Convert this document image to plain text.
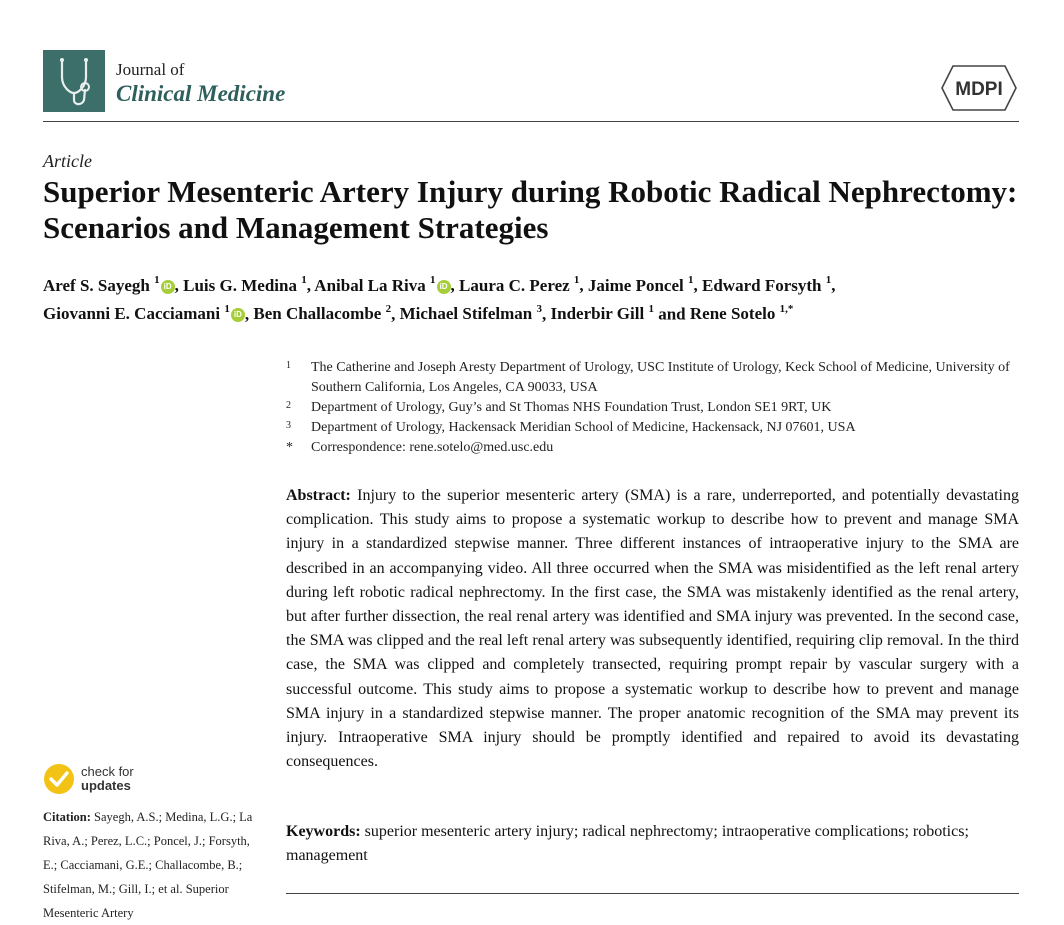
Journal of
Clinical Medicine	MDPI
Article
Superior Mesenteric Artery Injury during Robotic Radical Nephrectomy: Scenarios and Management Strategies
Aref S. Sayegh $^1$iD , Luis G. Medina $^1$, Anibal La Riva $^1$iD , Laura C. Perez $^1$, Jaime Poncel $^1$, Edward Forsyth $^1$,
Giovanni E. Cacciamani $^1$iD , Ben Challacombe $^2$, Michael Stifelman $^3$, Inderbir Gill $^1$ and Rene Sotelo $^{1,*}$
1 The Catherine and Joseph Aresty Department of Urology, USC Institute of Urology, Keck School of Medicine, University of Southern California, Los Angeles, CA 90033, USA
2 Department of Urology, Guy’s and St Thomas NHS Foundation Trust, London SE1 9RT, UK
3 Department of Urology, Hackensack Meridian School of Medicine, Hackensack, NJ 07601, USA
* Correspondence: rene.sotelo@med.usc.edu

Abstract: Injury to the superior mesenteric artery (SMA) is a rare, underreported, and potentially devastating complication. This study aims to propose a systematic workup to describe how to prevent and manage SMA injury in a standardized stepwise manner. Three different instances of intraoperative injury to the SMA are described in an accompanying video. All three occurred when the SMA was misidentified as the left renal artery during left robotic radical nephrectomy. In the first case, the SMA was mistakenly identified as the renal artery, but after further dissection, the real renal artery was identified and SMA injury was prevented. In the second case, the SMA was clipped and the real left renal artery was subsequently identified, requiring clip removal. In the third case, the SMA was clipped and completely transected, requiring prompt repair by vascular surgery with a successful outcome. This study aims to propose a systematic workup to describe how to prevent and manage SMA injury in a standardized stepwise manner. The proper anatomic recognition of the SMA may prevent its injury. Intraoperative SMA injury should be promptly identified and repaired to avoid its devastating consequences.

Keywords: superior mesenteric artery injury; radical nephrectomy; intraoperative complications; robotics; management

check for
updates
Citation: Sayegh, A.S.; Medina, L.G.; La Riva, A.; Perez, L.C.; Poncel, J.; Forsyth, E.; Cacciamani, G.E.; Challacombe, B.; Stifelman, M.; Gill, I.; et al. Superior Mesenteric Artery
